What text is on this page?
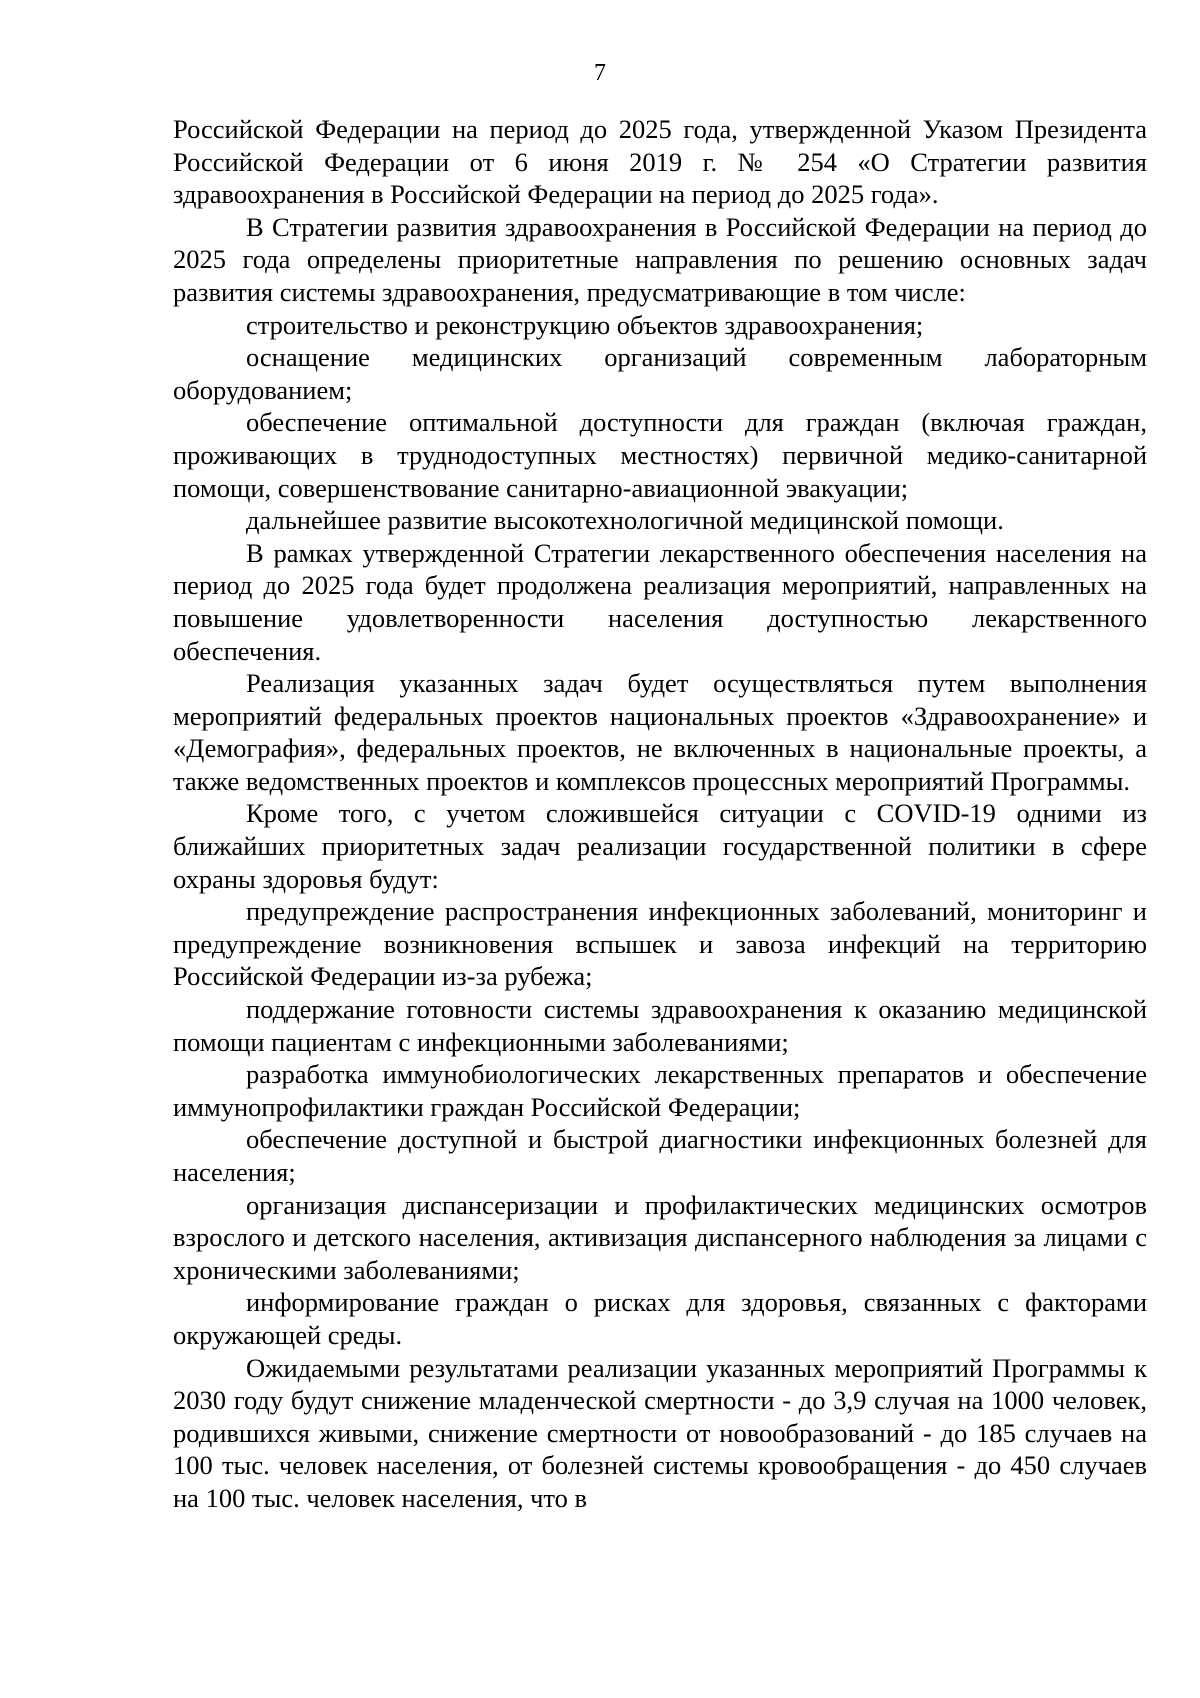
7

Российской Федерации на период до 2025 года, утвержденной Указом Президента Российской Федерации от 6 июня 2019 г. № 254 «О Стратегии развития здравоохранения в Российской Федерации на период до 2025 года».

В Стратегии развития здравоохранения в Российской Федерации на период до 2025 года определены приоритетные направления по решению основных задач развития системы здравоохранения, предусматривающие в том числе:

строительство и реконструкцию объектов здравоохранения;

оснащение медицинских организаций современным лабораторным оборудованием;

обеспечение оптимальной доступности для граждан (включая граждан, проживающих в труднодоступных местностях) первичной медико-санитарной помощи, совершенствование санитарно-авиационной эвакуации;

дальнейшее развитие высокотехнологичной медицинской помощи.

В рамках утвержденной Стратегии лекарственного обеспечения населения на период до 2025 года будет продолжена реализация мероприятий, направленных на повышение удовлетворенности населения доступностью лекарственного обеспечения.

Реализация указанных задач будет осуществляться путем выполнения мероприятий федеральных проектов национальных проектов «Здравоохранение» и «Демография», федеральных проектов, не включенных в национальные проекты, а также ведомственных проектов и комплексов процессных мероприятий Программы.

Кроме того, с учетом сложившейся ситуации с COVID-19 одними из ближайших приоритетных задач реализации государственной политики в сфере охраны здоровья будут:

предупреждение распространения инфекционных заболеваний, мониторинг и предупреждение возникновения вспышек и завоза инфекций на территорию Российской Федерации из-за рубежа;

поддержание готовности системы здравоохранения к оказанию медицинской помощи пациентам с инфекционными заболеваниями;

разработка иммунобиологических лекарственных препаратов и обеспечение иммунопрофилактики граждан Российской Федерации;

обеспечение доступной и быстрой диагностики инфекционных болезней для населения;

организация диспансеризации и профилактических медицинских осмотров взрослого и детского населения, активизация диспансерного наблюдения за лицами с хроническими заболеваниями;

информирование граждан о рисках для здоровья, связанных с факторами окружающей среды.

Ожидаемыми результатами реализации указанных мероприятий Программы к 2030 году будут снижение младенческой смертности - до 3,9 случая на 1000 человек, родившихся живыми, снижение смертности от новообразований - до 185 случаев на 100 тыс. человек населения, от болезней системы кровообращения - до 450 случаев на 100 тыс. человек населения, что в
